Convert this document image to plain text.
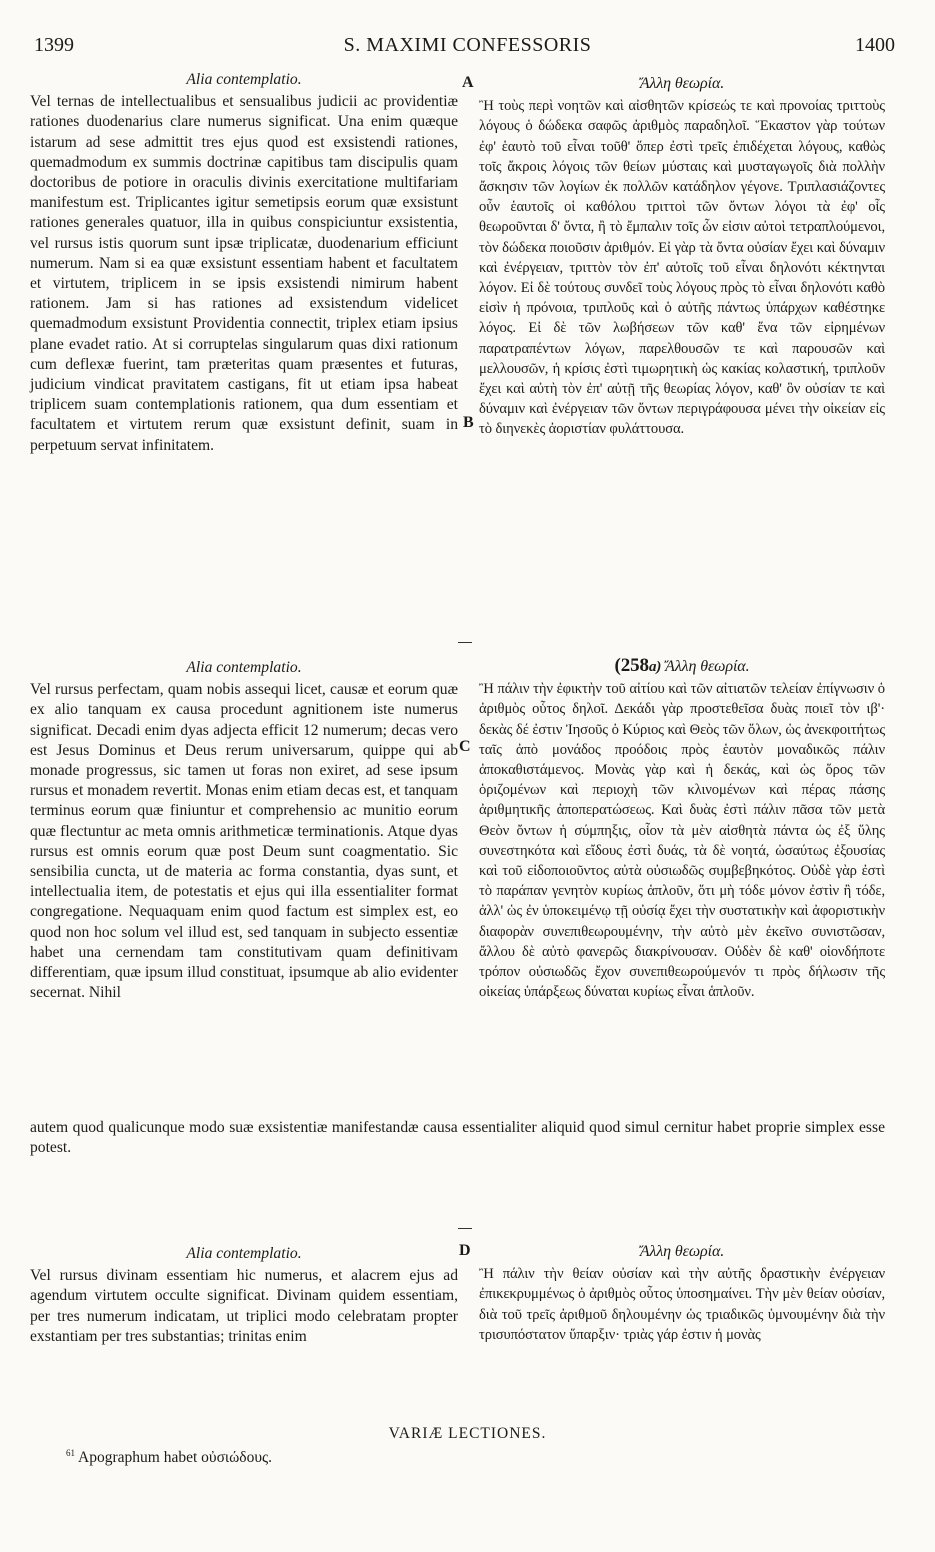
1399	S. MAXIMI CONFESSORIS	1400
A
B
C
D
Alia contemplatio.

Vel ternas de intellectualibus et sensualibus judicii ac providentiæ rationes duodenarius clare numerus significat. Una enim quæque istarum ad sese admittit tres ejus quod est exsistendi rationes, quemadmodum ex summis doctrinæ capitibus tam discipulis quam doctoribus de potiore in oraculis divinis exercitatione multifariam manifestum est. Triplicantes igitur semetipsis eorum quæ exsistunt rationes generales quatuor, illa in quibus conspiciuntur exsistentia, vel rursus istis quorum sunt ipsæ triplicatæ, duodenarium efficiunt numerum. Nam si ea quæ exsistunt essentiam habent et facultatem et virtutem, triplicem in se ipsis exsistendi nimirum habent rationem. Jam si has rationes ad exsistendum videlicet quemadmodum exsistunt Providentia connectit, triplex etiam ipsius plane evadet ratio. At si corruptelas singularum quas dixi rationum cum deflexæ fuerint, tam præteritas quam præsentes et futuras, judicium vindicat pravitatem castigans, fit ut etiam ipsa habeat triplicem suam contemplationis rationem, qua dum essentiam et facultatem et virtutem rerum quæ exsistunt definit, suam in perpetuum servat infinitatem.

Ἄλλη θεωρία.

Ἢ τοὺς περὶ νοητῶν καὶ αἰσθητῶν κρίσεώς τε καὶ προνοίας τριττοὺς λόγους ὁ δώδεκα σαφῶς ἀριθμὸς παραδηλοῖ. Ἕκαστον γὰρ τούτων ἐφ' ἑαυτὸ τοῦ εἶναι τοῦθ' ὅπερ ἐστὶ τρεῖς ἐπιδέχεται λόγους, καθὼς τοῖς ἄκροις λόγοις τῶν θείων μύσταις καὶ μυσταγωγοῖς διὰ πολλὴν ἄσκησιν τῶν λογίων ἐκ πολλῶν κατάδηλον γέγονε. Τριπλασιάζοντες οὖν ἑαυτοῖς οἱ καθόλου τριττοὶ τῶν ὄντων λόγοι τὰ ἐφ' οἷς θεωροῦνται δ' ὄντα, ἢ τὸ ἔμπαλιν τοῖς ὧν εἰσιν αὐτοὶ τετραπλούμενοι, τὸν δώδεκα ποιοῦσιν ἀριθμόν. Εἰ γὰρ τὰ ὄντα οὐσίαν ἔχει καὶ δύναμιν καὶ ἐνέργειαν, τριττὸν τὸν ἐπ' αὐτοῖς τοῦ εἶναι δηλονότι κέκτηνται λόγον. Εἰ δὲ τούτους συνδεῖ τοὺς λόγους πρὸς τὸ εἶναι δηλονότι καθὸ εἰσὶν ἡ πρόνοια, τριπλοῦς καὶ ὁ αὐτῆς πάντως ὑπάρχων καθέστηκε λόγος. Εἰ δὲ τῶν λωβήσεων τῶν καθ' ἕνα τῶν εἰρημένων παρατραπέντων λόγων, παρελθουσῶν τε καὶ παρουσῶν καὶ μελλουσῶν, ἡ κρίσις ἐστὶ τιμωρητικὴ ὡς κακίας κολαστική, τριπλοῦν ἔχει καὶ αὐτὴ τὸν ἐπ' αὐτῇ τῆς θεωρίας λόγον, καθ' ὃν οὐσίαν τε καὶ δύναμιν καὶ ἐνέργειαν τῶν ὄντων περιγράφουσα μένει τὴν οἰκείαν εἰς τὸ διηνεκὲς ἀοριστίαν φυλάττουσα.

Alia contemplatio.

Vel rursus perfectam, quam nobis assequi licet, causæ et eorum quæ ex alio tanquam ex causa procedunt agnitionem iste numerus significat. Decadi enim dyas adjecta efficit 12 numerum; decas vero est Jesus Dominus et Deus rerum universarum, quippe qui ab monade progressus, sic tamen ut foras non exiret, ad sese ipsum rursus et monadem revertit. Monas enim etiam decas est, et tanquam terminus eorum quæ finiuntur et comprehensio ac munitio eorum quæ flectuntur ac meta omnis arithmeticæ terminationis. Atque dyas rursus est omnis eorum quæ post Deum sunt coagmentatio. Sic sensibilia cuncta, ut de materia ac forma constantia, dyas sunt, et intellectualia item, de potestatis et ejus qui illa essentialiter format congregatione. Nequaquam enim quod factum est simplex est, eo quod non hoc solum vel illud est, sed tanquam in subjecto essentiæ habet una cernendam tam constitutivam quam definitivam differentiam, quæ ipsum illud constituat, ipsumque ab alio evidenter secernat. Nihil

(258a) Ἄλλη θεωρία.

Ἢ πάλιν τὴν ἐφικτὴν τοῦ αἰτίου καὶ τῶν αἰτιατῶν τελείαν ἐπίγνωσιν ὁ ἀριθμὸς οὗτος δηλοῖ. Δεκάδι γὰρ προστεθεῖσα δυὰς ποιεῖ τὸν ιβ'· δεκὰς δέ ἐστιν Ἰησοῦς ὁ Κύριος καὶ Θεὸς τῶν ὅλων, ὡς ἀνεκφοιτήτως ταῖς ἀπὸ μονάδος προόδοις πρὸς ἑαυτὸν μοναδικῶς πάλιν ἀποκαθιστάμενος. Μονὰς γὰρ καὶ ἡ δεκάς, καὶ ὡς ὅρος τῶν ὁριζομένων καὶ περιοχὴ τῶν κλινομένων καὶ πέρας πάσης ἀριθμητικῆς ἀποπερατώσεως. Καὶ δυὰς ἐστὶ πάλιν πᾶσα τῶν μετὰ Θεὸν ὄντων ἡ σύμπηξις, οἷον τὰ μὲν αἰσθητὰ πάντα ὡς ἐξ ὕλης συνεστηκότα καὶ εἴδους ἐστὶ δυάς, τὰ δὲ νοητά, ὡσαύτως ἐξουσίας καὶ τοῦ εἰδοποιοῦντος αὐτὰ οὐσιωδῶς συμβεβηκότος. Οὐδὲ γὰρ ἐστὶ τὸ παράπαν γενητὸν κυρίως ἁπλοῦν, ὅτι μὴ τόδε μόνον ἐστὶν ἢ τόδε, ἀλλ' ὡς ἐν ὑποκειμένῳ τῇ οὐσίᾳ ἔχει τὴν συστατικὴν καὶ ἀφοριστικὴν διαφορὰν συνεπιθεωρουμένην, τὴν αὐτὸ μὲν ἐκεῖνο συνιστῶσαν, ἄλλου δὲ αὐτὸ φανερῶς διακρίνουσαν. Οὐδὲν δὲ καθ' οἱονδήποτε τρόπον οὐσιωδῶς ἔχον συνεπιθεωρούμενόν τι πρὸς δήλωσιν τῆς οἰκείας ὑπάρξεως δύναται κυρίως εἶναι ἁπλοῦν.

autem quod qualicunque modo suæ exsistentiæ manifestandæ causa essentialiter aliquid quod simul cernitur habet proprie simplex esse potest.
Alia contemplatio.

Vel rursus divinam essentiam hic numerus, et alacrem ejus ad agendum virtutem occulte significat. Divinam quidem essentiam, per tres numerum indicatam, ut triplici modo celebratam propter exstantiam per tres substantias; trinitas enim

Ἄλλη θεωρία.

Ἢ πάλιν τὴν θείαν οὐσίαν καὶ τὴν αὐτῆς δραστικὴν ἐνέργειαν ἐπικεκρυμμένως ὁ ἀριθμὸς οὗτος ὑποσημαίνει. Τὴν μὲν θείαν οὐσίαν, διὰ τοῦ τρεῖς ἀριθμοῦ δηλουμένην ὡς τριαδικῶς ὑμνουμένην διὰ τὴν τρισυπόστατον ὕπαρξιν· τριὰς γάρ ἐστιν ἡ μονὰς

VARIÆ LECTIONES.
$^{61}$ Apographum habet οὐσιώδους.
